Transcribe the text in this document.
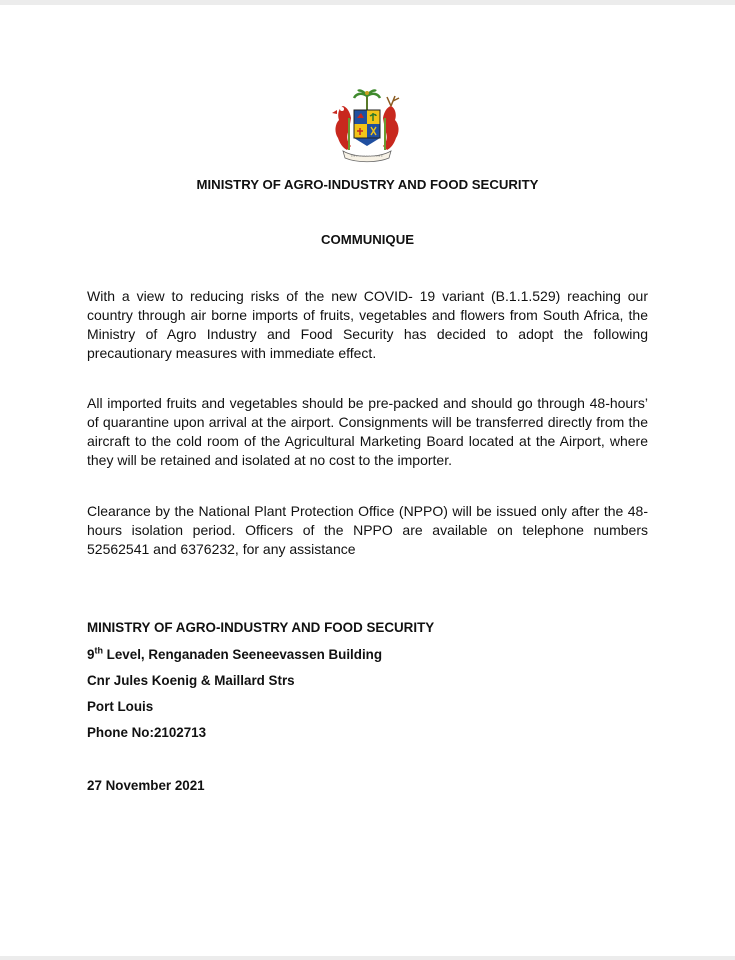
MINISTRY OF AGRO-INDUSTRY AND FOOD SECURITY

COMMUNIQUE

With a view to reducing risks of the new COVID- 19 variant (B.1.1.529) reaching our country through air borne imports of fruits, vegetables and flowers from South Africa, the Ministry of Agro Industry and Food Security has decided to adopt the following precautionary measures with immediate effect.

All imported fruits and vegetables should be pre-packed and should go through 48-hours’ of quarantine upon arrival at the airport. Consignments will be transferred directly from the aircraft to the cold room of the Agricultural Marketing Board located at the Airport, where they will be retained and isolated at no cost to the importer.

Clearance by the National Plant Protection Office (NPPO) will be issued only after the 48-hours isolation period. Officers of the NPPO are available on telephone numbers 52562541 and 6376232, for any assistance

MINISTRY OF AGRO-INDUSTRY AND FOOD SECURITY

9th Level, Renganaden Seeneevassen Building

Cnr Jules Koenig & Maillard Strs

Port Louis

Phone No:2102713

27 November 2021
